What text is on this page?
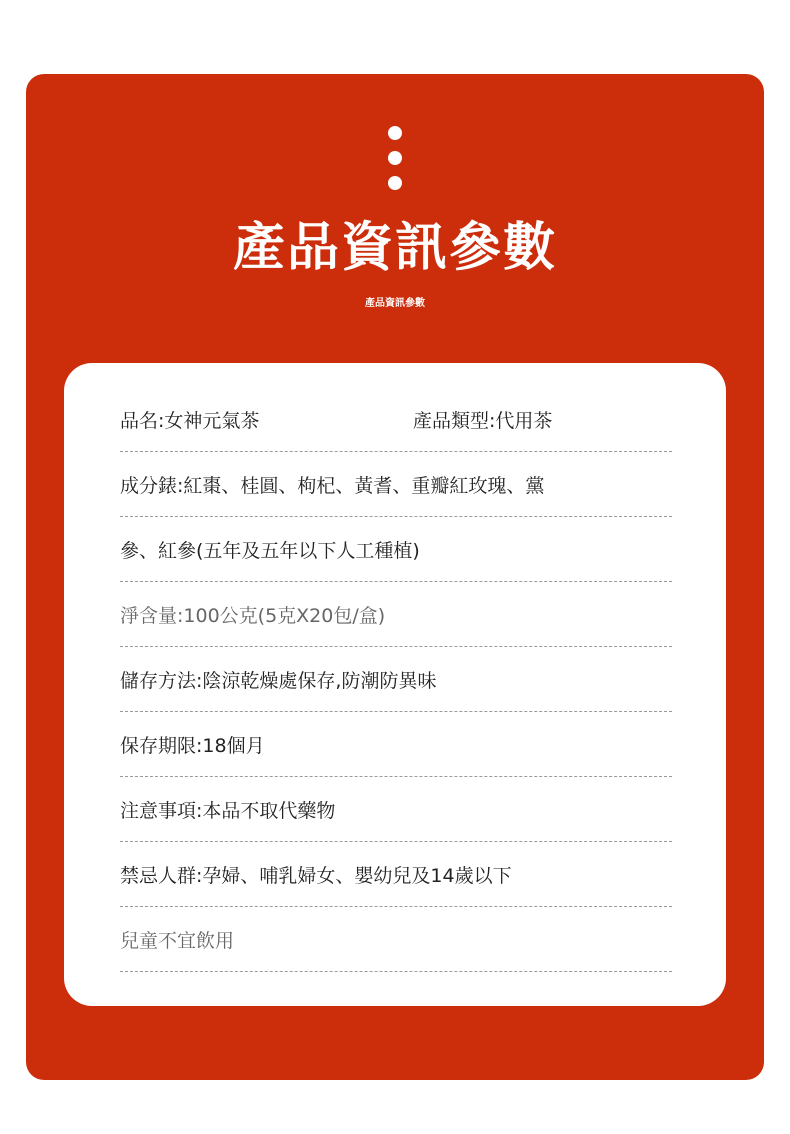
產品資訊參數
產品資訊參數
品名:女神元氣茶	產品類型:代用茶
成分錶:紅棗、桂圓、枸杞、黃耆、重瓣紅玫瑰、黨
參、紅參(五年及五年以下人工種植)
淨含量:100公克(5克X20包/盒)
儲存方法:陰涼乾燥處保存,防潮防異味
保存期限:18個月
注意事項:本品不取代藥物
禁忌人群:孕婦、哺乳婦女、嬰幼兒及14歲以下
兒童不宜飲用
